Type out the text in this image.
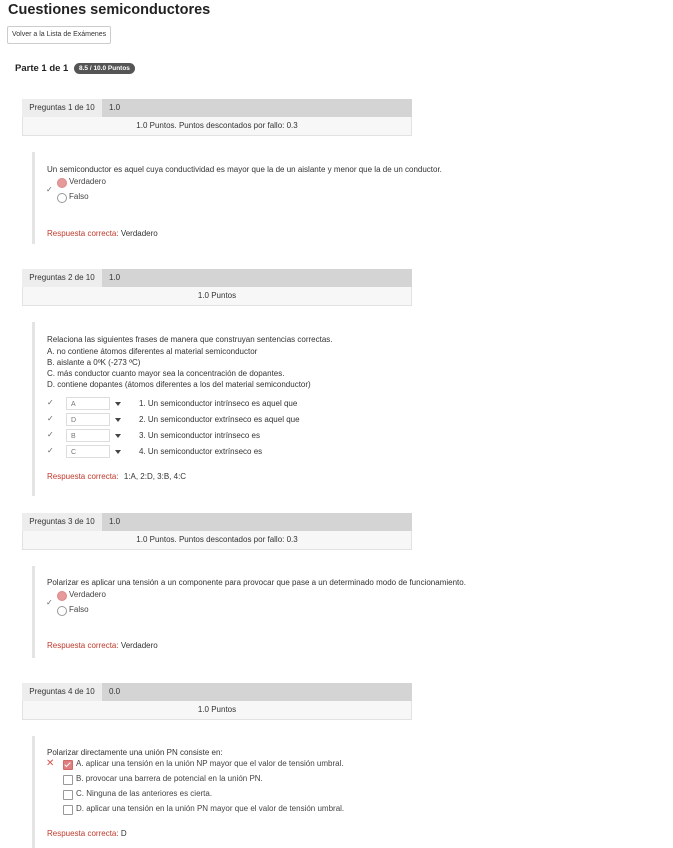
Cuestiones semiconductores
Volver a la Lista de Exámenes
Parte 1 de 1 8.5 / 10.0 Puntos
Preguntas 1 de 10	1.0
1.0 Puntos. Puntos descontados por fallo: 0.3
Un semiconductor es aquel cuya conductividad es mayor que la de un aislante y menor que la de un conductor.
✓
Verdadero
Falso
Respuesta correcta: Verdadero
Preguntas 2 de 10	1.0
1.0 Puntos
Relaciona las siguientes frases de manera que construyan sentencias correctas.
A. no contiene átomos diferentes al material semiconductor
B. aislante a 0ºK (-273 ºC)
C. más conductor cuanto mayor sea la concentración de dopantes.
D. contiene dopantes (átomos diferentes a los del material semiconductor)
✓	A	1. Un semiconductor intrínseco es aquel que
✓	D	2. Un semiconductor extrínseco es aquel que
✓	B	3. Un semiconductor intrínseco es
✓	C	4. Un semiconductor extrínseco es
Respuesta correcta: 1:A, 2:D, 3:B, 4:C
Preguntas 3 de 10	1.0
1.0 Puntos. Puntos descontados por fallo: 0.3
Polarizar es aplicar una tensión a un componente para provocar que pase a un determinado modo de funcionamiento.
✓
Verdadero
Falso
Respuesta correcta: Verdadero
Preguntas 4 de 10	0.0
1.0 Puntos
Polarizar directamente una unión PN consiste en:
✕	A. aplicar una tensión en la unión NP mayor que el valor de tensión umbral.
B. provocar una barrera de potencial en la unión PN.
C. Ninguna de las anteriores es cierta.
D. aplicar una tensión en la unión PN mayor que el valor de tensión umbral.
Respuesta correcta: D
